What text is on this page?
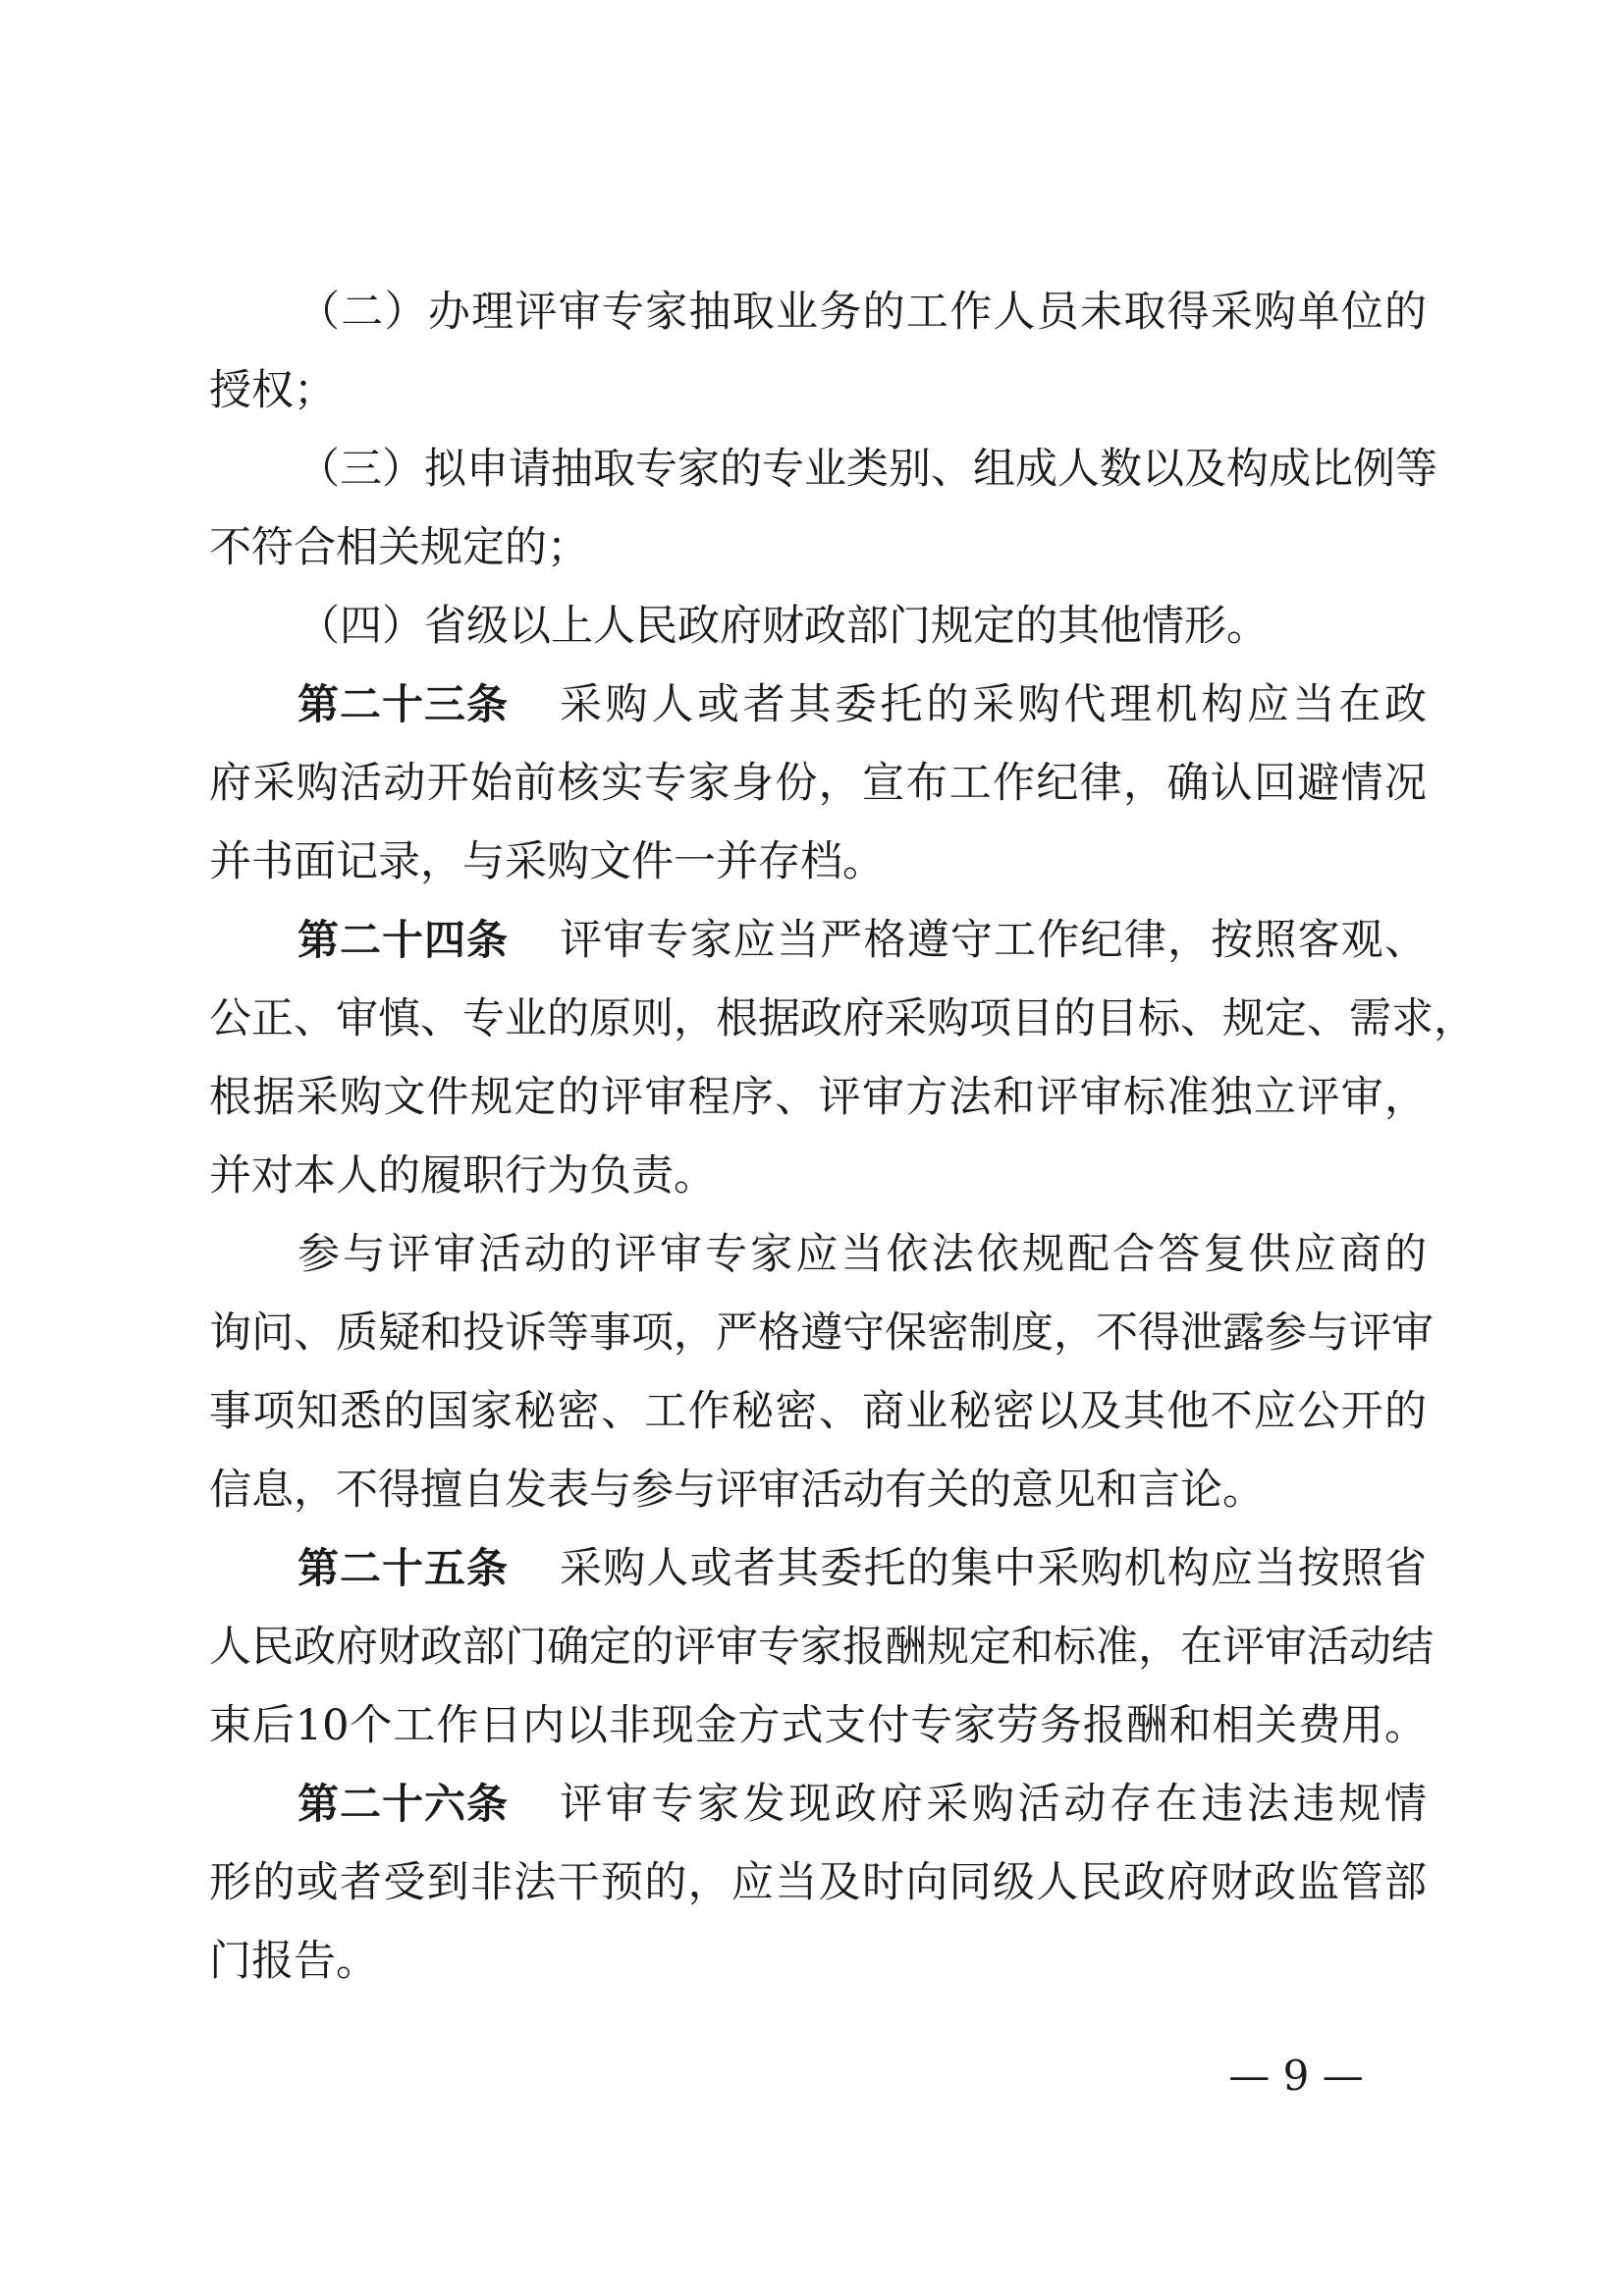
（二）办理评审专家抽取业务的工作人员未取得采购单位的
授权；
（三）拟申请抽取专家的专业类别、组成人数以及构成比例等
不符合相关规定的；
（四）省级以上人民政府财政部门规定的其他情形。
第二十三条 采购人或者其委托的采购代理机构应当在政
府采购活动开始前核实专家身份，宣布工作纪律，确认回避情况
并书面记录，与采购文件一并存档。
第二十四条 评审专家应当严格遵守工作纪律，按照客观、
公正、审慎、专业的原则，根据政府采购项目的目标、规定、需求，
根据采购文件规定的评审程序、评审方法和评审标准独立评审，
并对本人的履职行为负责。
参与评审活动的评审专家应当依法依规配合答复供应商的
询问、质疑和投诉等事项，严格遵守保密制度，不得泄露参与评审
事项知悉的国家秘密、工作秘密、商业秘密以及其他不应公开的
信息，不得擅自发表与参与评审活动有关的意见和言论。
第二十五条 采购人或者其委托的集中采购机构应当按照省
人民政府财政部门确定的评审专家报酬规定和标准，在评审活动结
束后10个工作日内以非现金方式支付专家劳务报酬和相关费用。
第二十六条 评审专家发现政府采购活动存在违法违规情
形的或者受到非法干预的，应当及时向同级人民政府财政监管部
门报告。
— 9 —
